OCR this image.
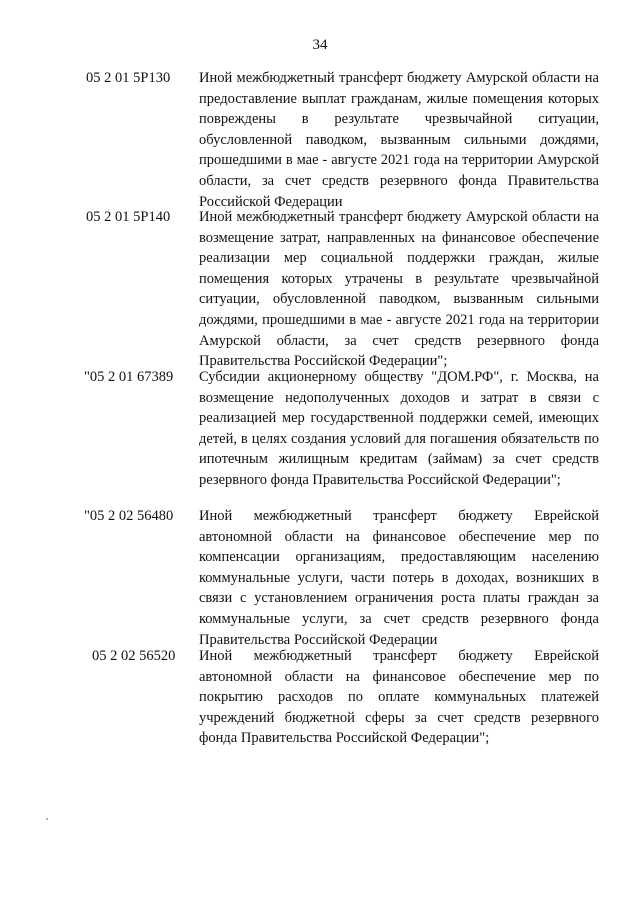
34
05 2 01 5Р130 Иной межбюджетный трансферт бюджету Амурской области на предоставление выплат гражданам, жилые помещения которых повреждены в результате чрезвычайной ситуации, обусловленной паводком, вызванным сильными дождями, прошедшими в мае - августе 2021 года на территории Амурской области, за счет средств резервного фонда Правительства Российской Федерации

05 2 01 5Р140 Иной межбюджетный трансферт бюджету Амурской области на возмещение затрат, направленных на финансовое обеспечение реализации мер социальной поддержки граждан, жилые помещения которых утрачены в результате чрезвычайной ситуации, обусловленной паводком, вызванным сильными дождями, прошедшими в мае - августе 2021 года на территории Амурской области, за счет средств резервного фонда Правительства Российской Федерации";

"05 2 01 67389 Субсидии акционерному обществу "ДОМ.РФ", г. Москва, на возмещение недополученных доходов и затрат в связи с реализацией мер государственной поддержки семей, имеющих детей, в целях создания условий для погашения обязательств по ипотечным жилищным кредитам (займам) за счет средств резервного фонда Правительства Российской Федерации";

"05 2 02 56480 Иной межбюджетный трансферт бюджету Еврейской автономной области на финансовое обеспечение мер по компенсации организациям, предоставляющим населению коммунальные услуги, части потерь в доходах, возникших в связи с установлением ограничения роста платы граждан за коммунальные услуги, за счет средств резервного фонда Правительства Российской Федерации

05 2 02 56520 Иной межбюджетный трансферт бюджету Еврейской автономной области на финансовое обеспечение мер по покрытию расходов по оплате коммунальных платежей учреждений бюджетной сферы за счет средств резервного фонда Правительства Российской Федерации";
